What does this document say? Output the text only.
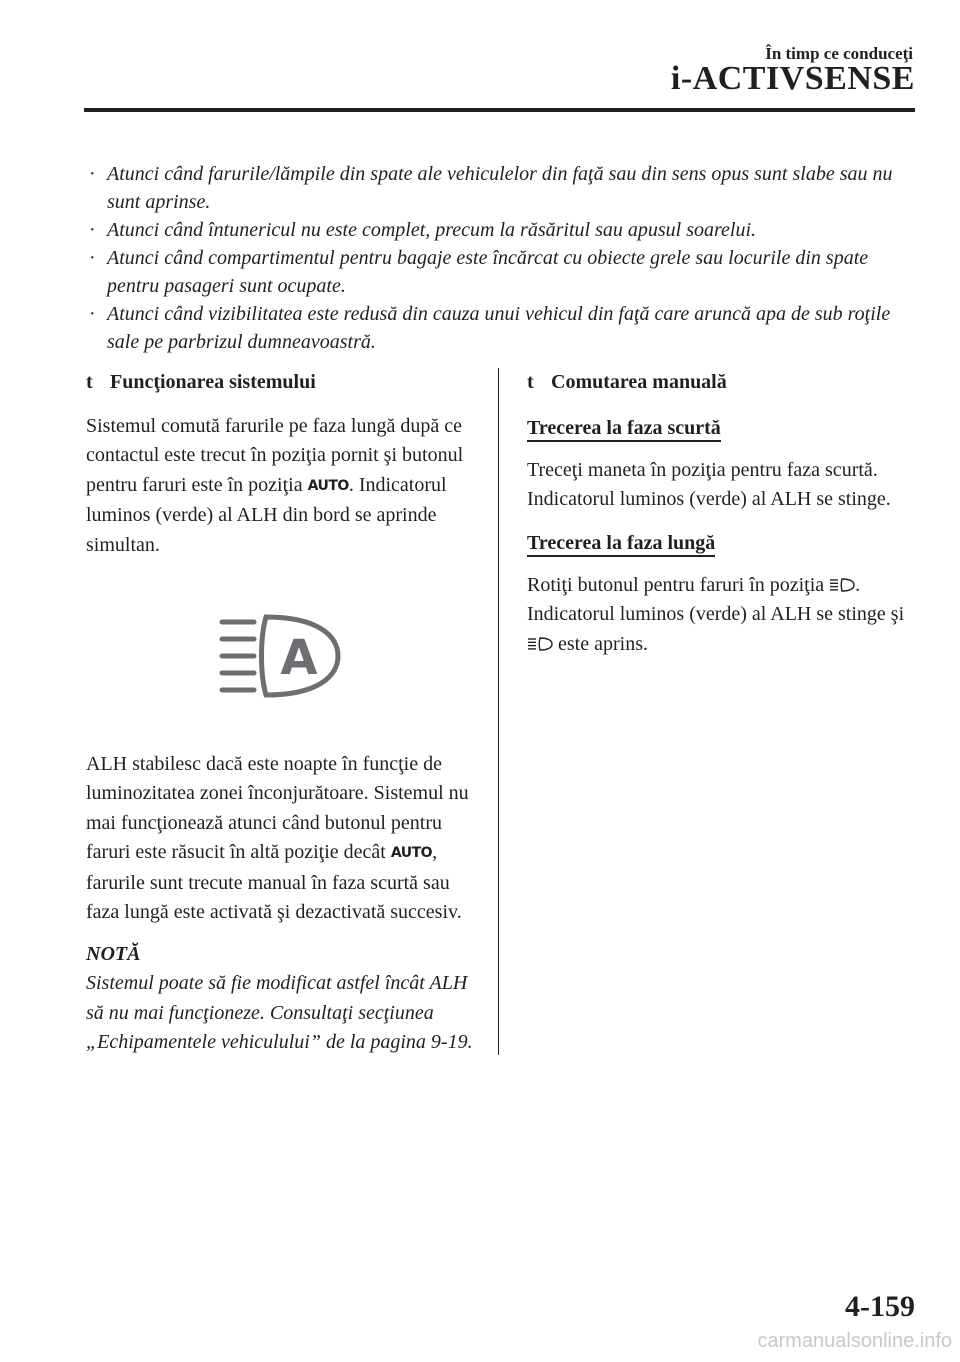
În timp ce conduceţi
i-ACTIVSENSE
· Atunci când farurile/lămpile din spate ale vehiculelor din faţă sau din sens opus sunt slabe sau nu sunt aprinse.
· Atunci când întunericul nu este complet, precum la răsăritul sau apusul soarelui.
· Atunci când compartimentul pentru bagaje este încărcat cu obiecte grele sau locurile din spate pentru pasageri sunt ocupate.
· Atunci când vizibilitatea este redusă din cauza unui vehicul din faţă care aruncă apa de sub roţile sale pe parbrizul dumneavoastră.
t Funcţionarea sistemului

Sistemul comută farurile pe faza lungă după ce contactul este trecut în poziţia pornit şi butonul pentru faruri este în poziţia AUTO. Indicatorul luminos (verde) al ALH din bord se aprinde simultan.

A

ALH stabilesc dacă este noapte în funcţie de luminozitatea zonei înconjurătoare. Sistemul nu mai funcţionează atunci când butonul pentru faruri este răsucit în altă poziţie decât AUTO, farurile sunt trecute manual în faza scurtă sau faza lungă este activată şi dezactivată succesiv.

NOTĂ
Sistemul poate să fie modificat astfel încât ALH să nu mai funcţioneze. Consultaţi secţiunea „Echipamentele vehiculului” de la pagina 9-19.
t Comutarea manuală
Trecerea la faza scurtă

Treceţi maneta în poziţia pentru faza scurtă. Indicatorul luminos (verde) al ALH se stinge.

Trecerea la faza lungă

Rotiţi butonul pentru faruri în poziţia . Indicatorul luminos (verde) al ALH se stinge şi  este aprins.

4-159
carmanualsonline.info
